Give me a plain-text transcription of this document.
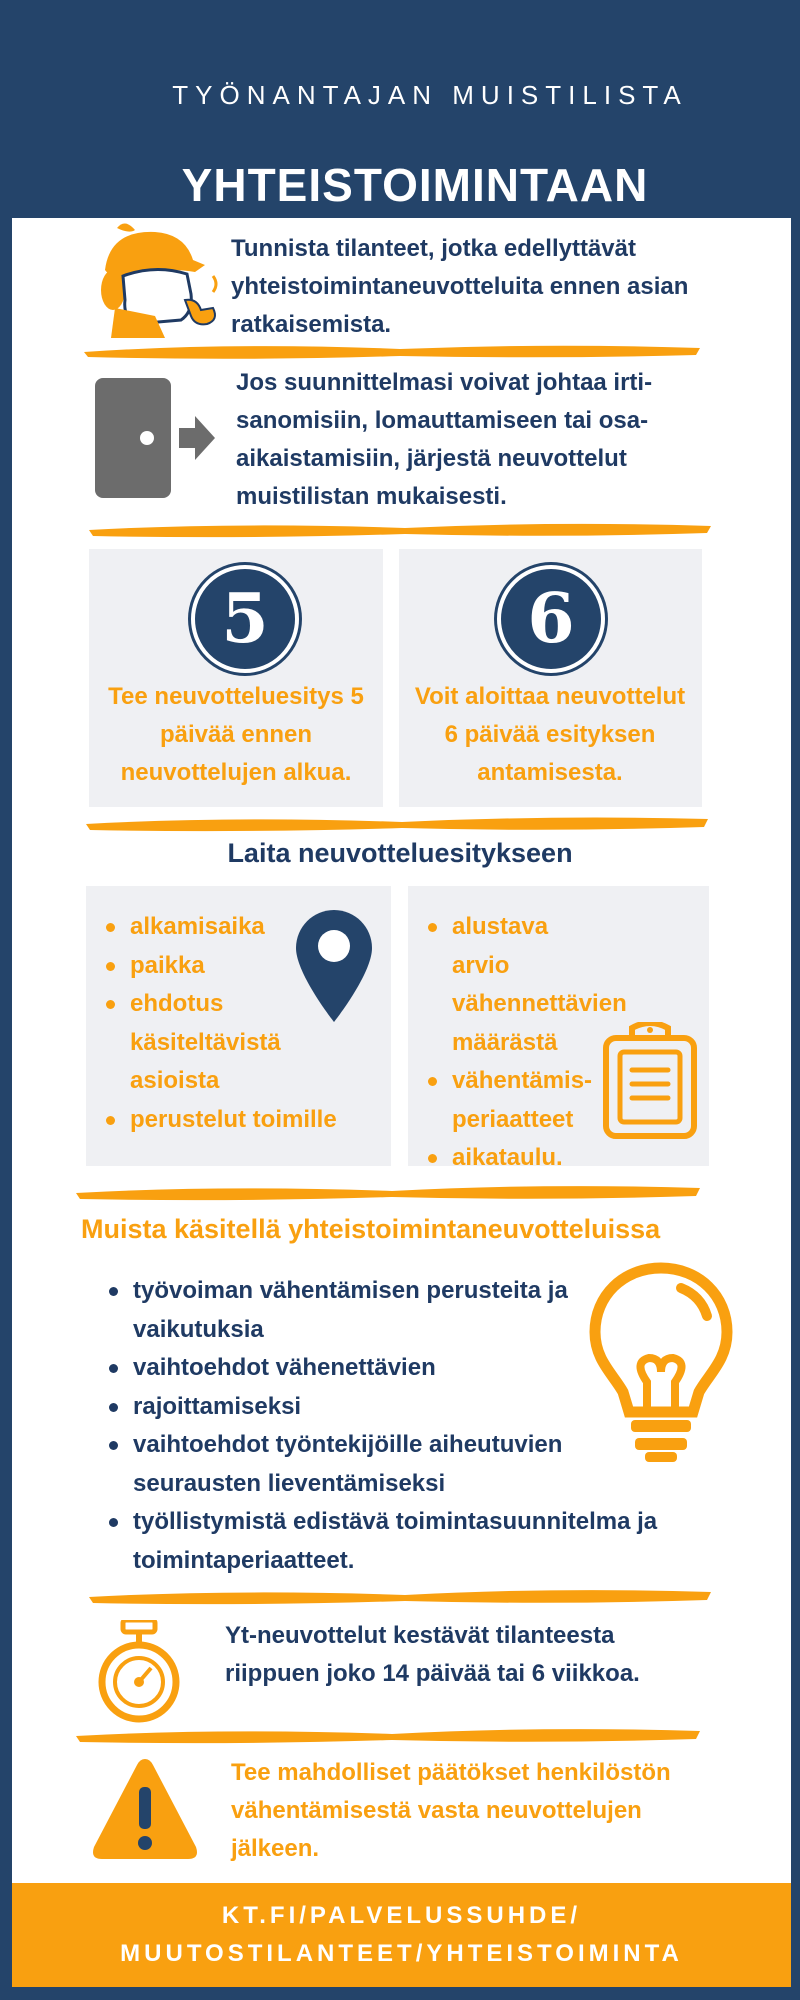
TYÖNANTAJAN MUISTILISTA
YHTEISTOIMINTAAN
Tunnista tilanteet, jotka edellyttävät yhteistoimintaneuvotteluita ennen asian ratkaisemista.
Jos suunnittelmasi voivat johtaa irti-sanomisiin, lomauttamiseen tai osa-aikaistamisiin, järjestä neuvottelut muistilistan mukaisesti.
5	6
Tee neuvotteluesitys 5 päivää ennen neuvottelujen alkua.
Voit aloittaa neuvottelut 6 päivää esityksen antamisesta.
Laita neuvotteluesitykseen
alkamisaika
paikka
ehdotus käsiteltävistä asioista
perustelut toimille
alustava arvio vähennettävien määrästä
vähentämis-periaatteet
aikataulu.
Muista käsitellä yhteistoimintaneuvotteluissa
työvoiman vähentämisen perusteita ja vaikutuksia
vaihtoehdot vähenettävien
rajoittamiseksi
vaihtoehdot työntekijöille aiheutuvien seurausten lieventämiseksi
työllistymistä edistävä toimintasuunnitelma ja toimintaperiaatteet.
Yt-neuvottelut kestävät tilanteesta riippuen joko 14 päivää tai 6 viikkoa.
Tee mahdolliset päätökset henkilöstön vähentämisestä vasta neuvottelujen jälkeen.
KT.FI/PALVELUSSUHDE/
MUUTOSTILANTEET/YHTEISTOIMINTA
